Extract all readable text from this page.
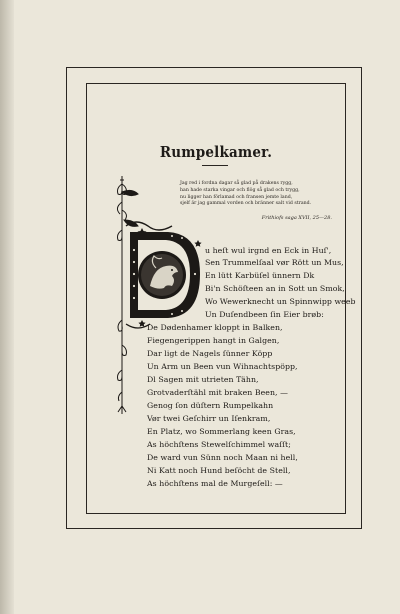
Rumpelkamer.
Jag red i fordna dagar så glad på drakens rygg,
han hade starka vingar och flög så glad och trygg,
nu ligger han förlamad och fransen jemte land,
sjelf är jag gammal vorden och bränner salt vid strand.
Frithiofs saga XVII, 25—28.
u heſt wul irgnd en Eck in Huſ',
Sen Trummelſaal vør Rött un Mus,
En lütt Karbüſel ünnern Dk
Bi'n Schöſteen an in Sott un Smok,
Wo Wewerknecht un Spinnwipp weeb
Un Duſendbeen ſin Eier brøb:
De Dødenhamer kloppt in Balken,
Fiegengerippen hangt in Galgen,
Dar ligt de Nagels ſünner Köpp
Un Arm un Been vun Wihnachtspöpp,
Dl Sagen mit utrieten Tähn,
Grotvaderſtähl mit braken Been, —
Genog ſon düſtern Rumpelkahn
Vør twei Geſchirr un Iſenkram,
En Platz, wo Sommerlang keen Gras,
As höchſtens Stewelſchimmel waſſt;
De ward vun Sünn noch Maan ni hell,
Ni Katt noch Hund beſöcht de Stell,
As höchſtens mal de Murgeſell: —
